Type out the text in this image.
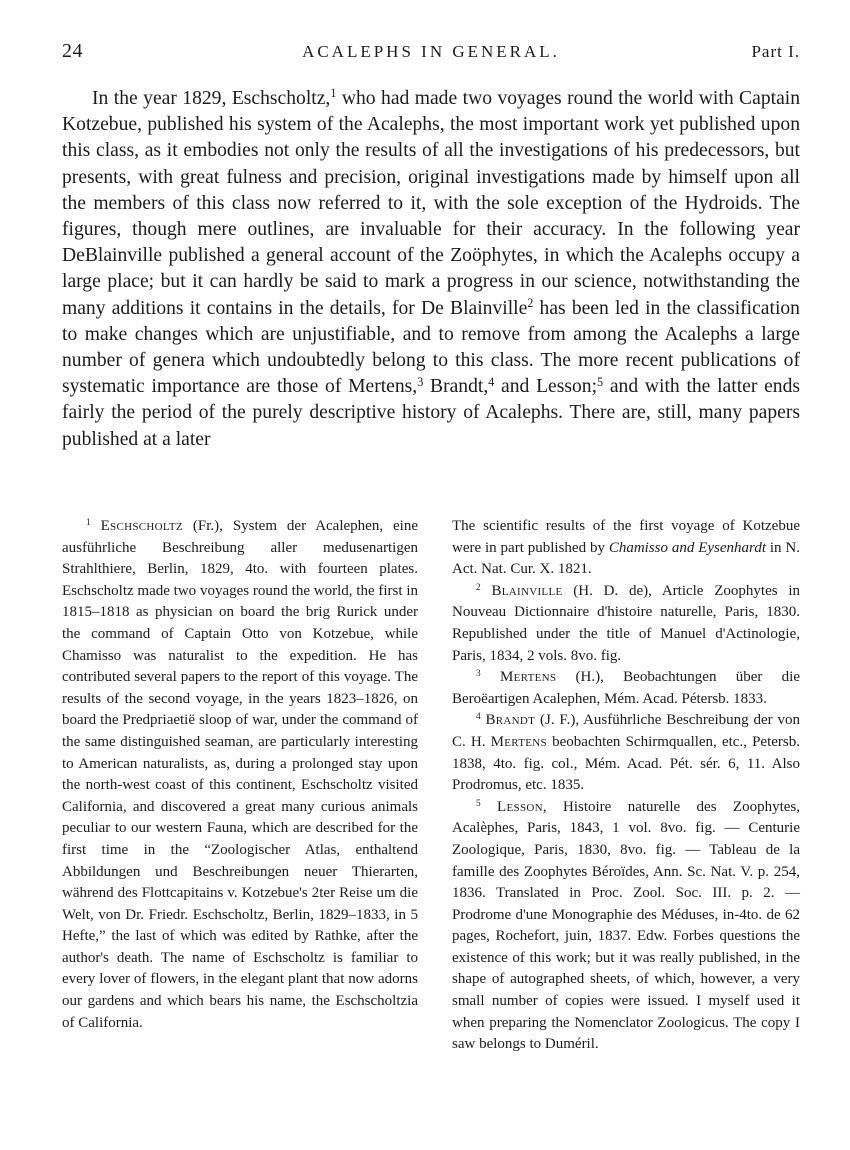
24	ACALEPHS IN GENERAL.	Part I.

In the year 1829, Eschscholtz,$^1$ who had made two voyages round the world with Captain Kotzebue, published his system of the Acalephs, the most important work yet published upon this class, as it embodies not only the results of all the investigations of his predecessors, but presents, with great fulness and precision, original investigations made by himself upon all the members of this class now referred to it, with the sole exception of the Hydroids. The figures, though mere outlines, are invaluable for their accuracy. In the following year DeBlainville published a general account of the Zoöphytes, in which the Acalephs occupy a large place; but it can hardly be said to mark a progress in our science, notwithstanding the many additions it contains in the details, for De Blainville$^2$ has been led in the classification to make changes which are unjustifiable, and to remove from among the Acalephs a large number of genera which undoubtedly belong to this class. The more recent publications of systematic importance are those of Mertens,$^3$ Brandt,$^4$ and Lesson;$^5$ and with the latter ends fairly the period of the purely descriptive history of Acalephs. There are, still, many papers published at a later

$^1$ Eschscholtz (Fr.), System der Acalephen, eine ausführliche Beschreibung aller medusenartigen Strahlthiere, Berlin, 1829, 4to. with fourteen plates. Eschscholtz made two voyages round the world, the first in 1815–1818 as physician on board the brig Rurick under the command of Captain Otto von Kotzebue, while Chamisso was naturalist to the expedition. He has contributed several papers to the report of this voyage. The results of the second voyage, in the years 1823–1826, on board the Predpriaetië sloop of war, under the command of the same distinguished seaman, are particularly interesting to American naturalists, as, during a prolonged stay upon the north-west coast of this continent, Eschscholtz visited California, and discovered a great many curious animals peculiar to our western Fauna, which are described for the first time in the “Zoologischer Atlas, enthaltend Abbildungen und Beschreibungen neuer Thierarten, während des Flottcapitains v. Kotzebue's 2ter Reise um die Welt, von Dr. Friedr. Eschscholtz, Berlin, 1829–1833, in 5 Hefte,” the last of which was edited by Rathke, after the author's death. The name of Eschscholtz is familiar to every lover of flowers, in the elegant plant that now adorns our gardens and which bears his name, the Eschscholtzia of California.

The scientific results of the first voyage of Kotzebue were in part published by Chamisso and Eysenhardt in N. Act. Nat. Cur. X. 1821.

$^2$ Blainville (H. D. de), Article Zoophytes in Nouveau Dictionnaire d'histoire naturelle, Paris, 1830. Republished under the title of Manuel d'Actinologie, Paris, 1834, 2 vols. 8vo. fig.

$^3$ Mertens (H.), Beobachtungen über die Beroëartigen Acalephen, Mém. Acad. Pétersb. 1833.

$^4$ Brandt (J. F.), Ausführliche Beschreibung der von C. H. Mertens beobachten Schirmquallen, etc., Petersb. 1838, 4to. fig. col., Mém. Acad. Pét. sér. 6, 11. Also Prodromus, etc. 1835.

$^5$ Lesson, Histoire naturelle des Zoophytes, Acalèphes, Paris, 1843, 1 vol. 8vo. fig. — Centurie Zoologique, Paris, 1830, 8vo. fig. — Tableau de la famille des Zoophytes Béroïdes, Ann. Sc. Nat. V. p. 254, 1836. Translated in Proc. Zool. Soc. III. p. 2. — Prodrome d'une Monographie des Méduses, in-4to. de 62 pages, Rochefort, juin, 1837. Edw. Forbes questions the existence of this work; but it was really published, in the shape of autographed sheets, of which, however, a very small number of copies were issued. I myself used it when preparing the Nomenclator Zoologicus. The copy I saw belongs to Duméril.
